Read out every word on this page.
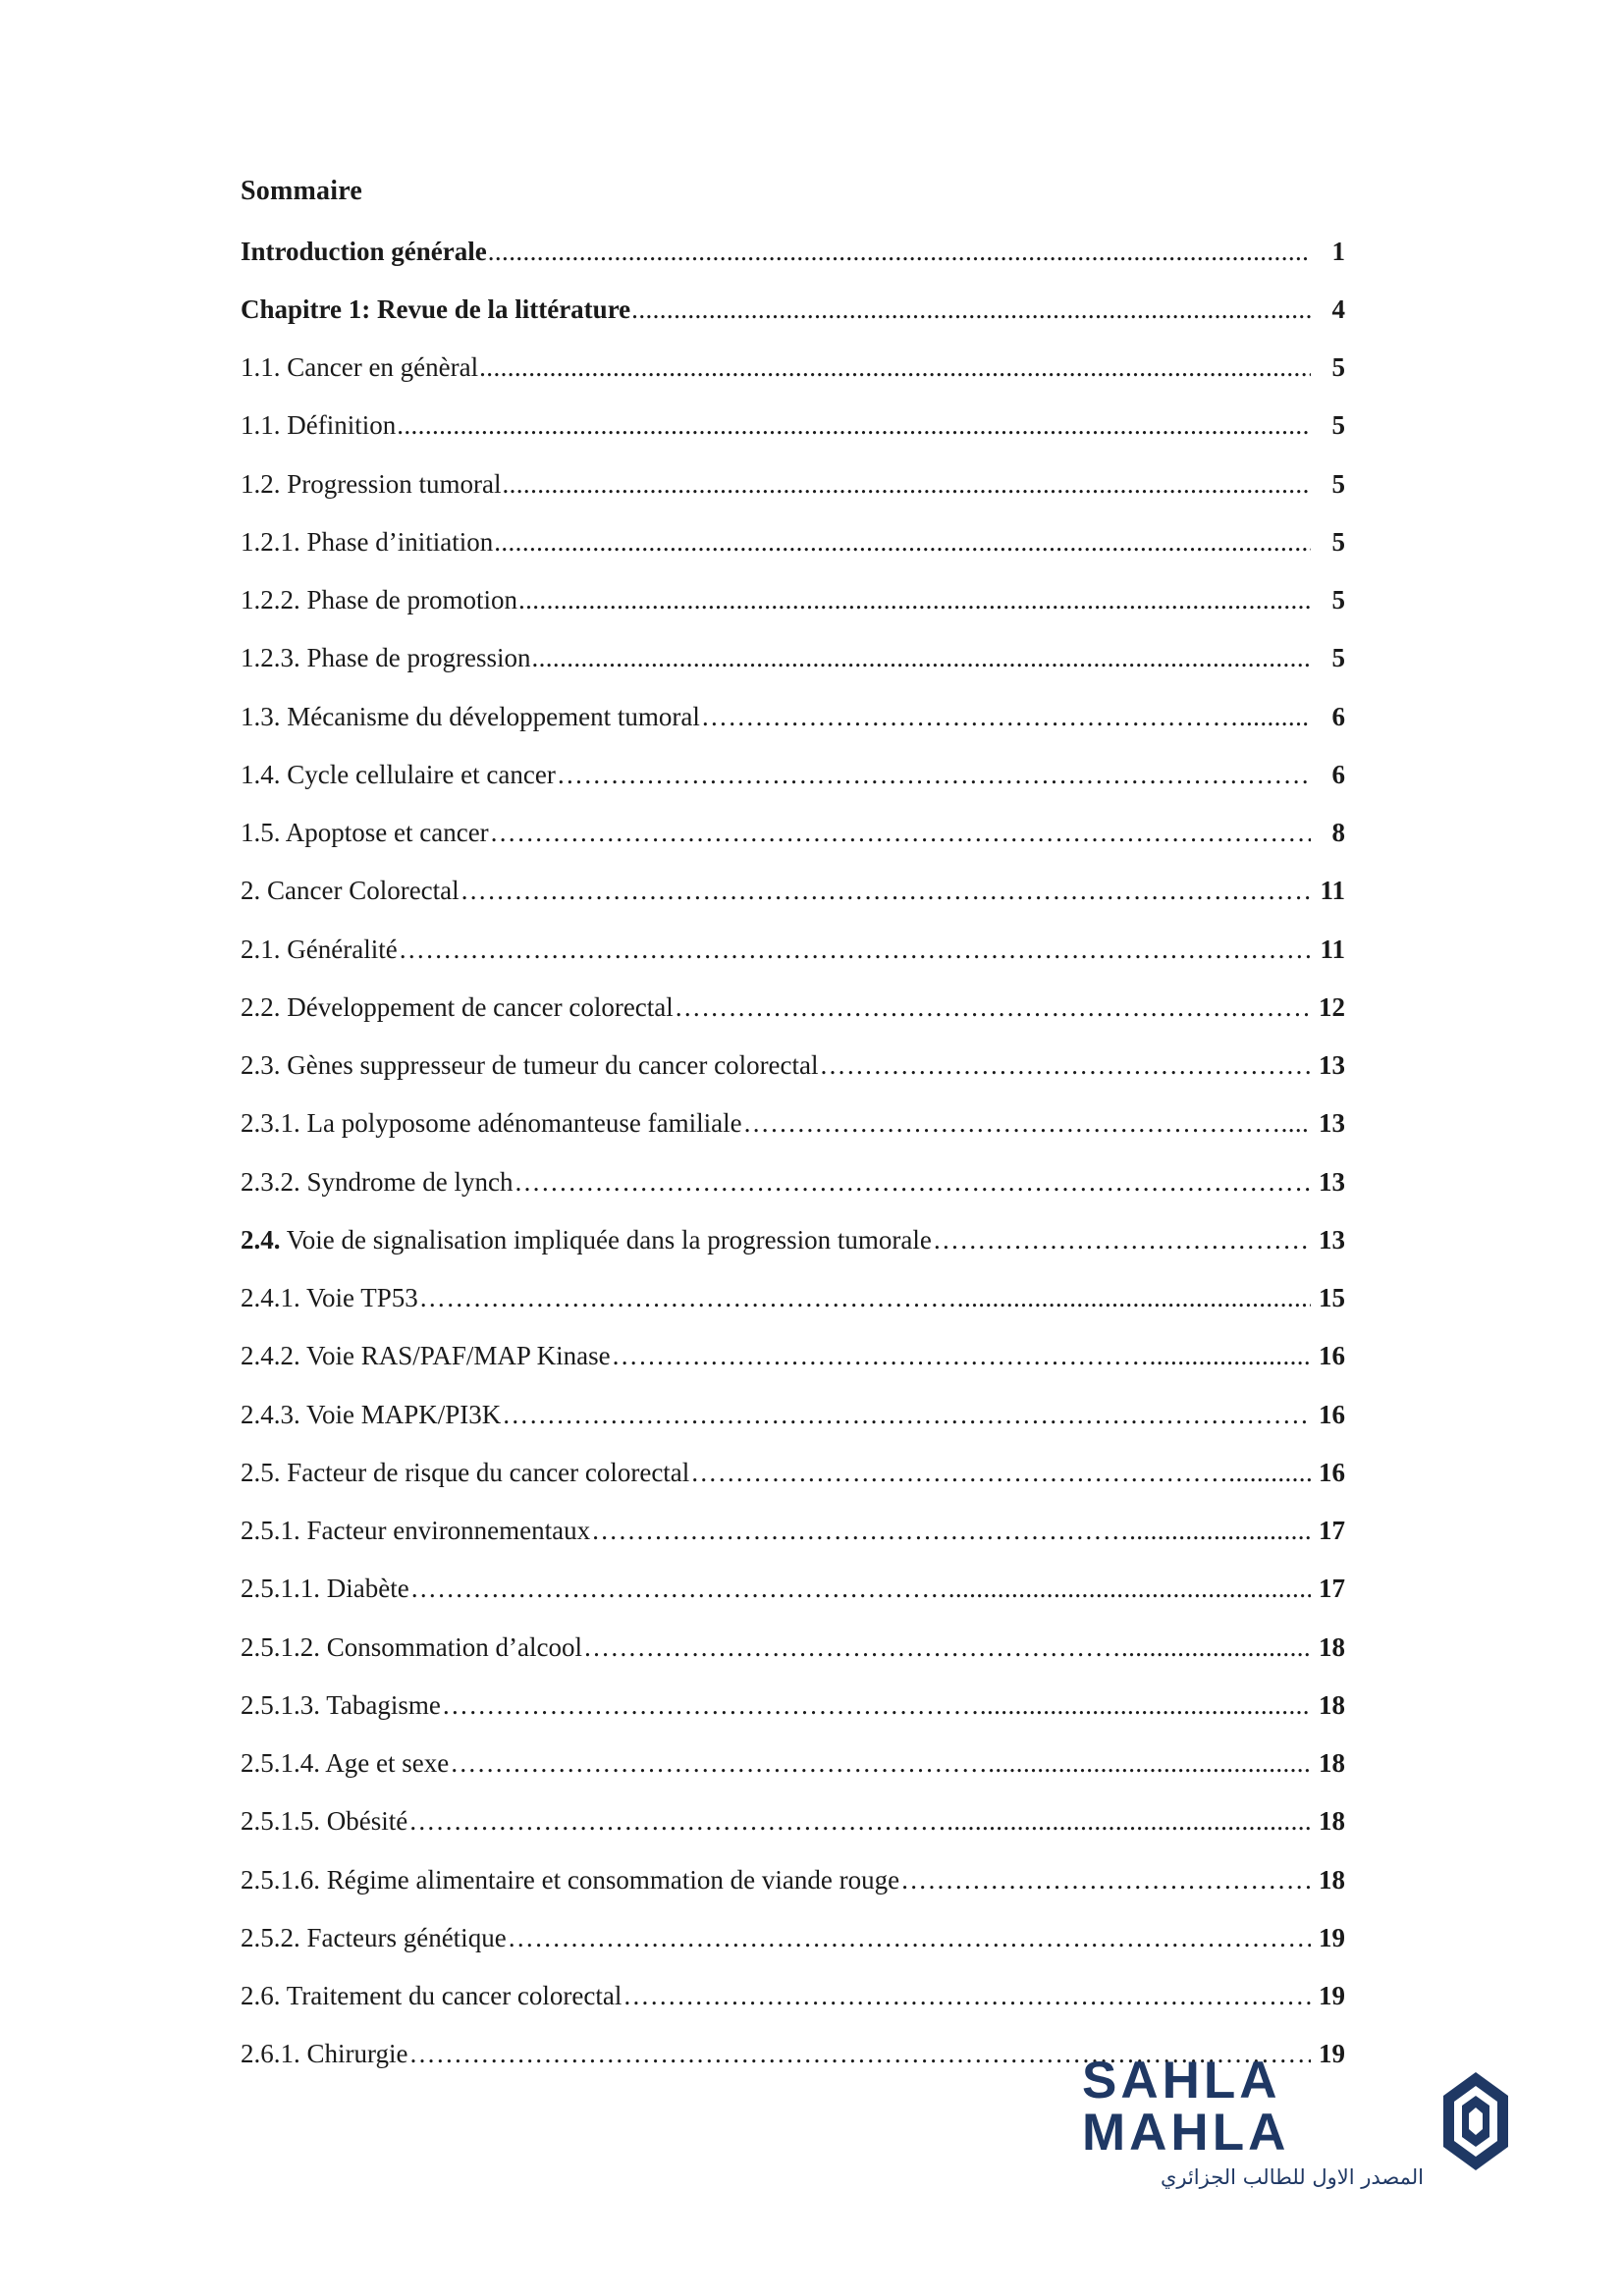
Sommaire
Introduction générale .....	1
Chapitre 1: Revue de la littérature .....	4
1.1. Cancer en génèral .....	5
1.1. Définition .....	5
1.2. Progression tumoral .....	5
1.2.1. Phase d’initiation .....	5
1.2.2. Phase de promotion .....	5
1.2.3. Phase de progression .....	5
1.3. Mécanisme du développement tumoral …………………………………………………….........................................................................................................	6
1.4. Cycle cellulaire et cancer …………………………………………………………………………………………………………………………………………………	6
1.5. Apoptose et cancer …………………………………………………………………………………………………………………………………………………	8
2. Cancer Colorectal …………………………………………………………………………………………………………………………………………………	11
2.1. Généralité …………………………………………………………………………………………………………………………………………………	11
2.2. Développement de cancer colorectal …………………………………………………………………………………………………………………………………………………	12
2.3. Gènes suppresseur de tumeur du cancer colorectal …………………………………………………………………………………………………………………………………………………	13
2.3.1. La polyposome adénomanteuse familiale …………………………………………………….........................................................................................................	13
2.3.2. Syndrome de lynch …………………………………………………………………………………………………………………………………………………	13
2.4. Voie de signalisation impliquée dans la progression tumorale …………………………………………………….........................................................................................................	13
2.4.1. Voie TP53 …………………………………………………….........................................................................................................	15
2.4.2. Voie RAS/PAF/MAP Kinase …………………………………………………….........................................................................................................	16
2.4.3. Voie MAPK/PI3K …………………………………………………………………………………………………………………………………………………	16
2.5. Facteur de risque du cancer colorectal …………………………………………………….........................................................................................................	16
2.5.1. Facteur environnementaux …………………………………………………….........................................................................................................	17
2.5.1.1. Diabète …………………………………………………….........................................................................................................	17
2.5.1.2. Consommation d’alcool …………………………………………………….........................................................................................................	18
2.5.1.3. Tabagisme …………………………………………………….........................................................................................................	18
2.5.1.4. Age et sexe …………………………………………………….........................................................................................................	18
2.5.1.5. Obésité …………………………………………………….........................................................................................................	18
2.5.1.6. Régime alimentaire et consommation de viande rouge …………………………………………………….........................................................................................................	18
2.5.2. Facteurs génétique …………………………………………………………………………………………………………………………………………………	19
2.6. Traitement du cancer colorectal …………………………………………………………………………………………………………………………………………………	19
2.6.1. Chirurgie …………………………………………………………………………………………………………………………………………………	19
SAHLA MAHLA
المصدر الاول للطالب الجزائري
